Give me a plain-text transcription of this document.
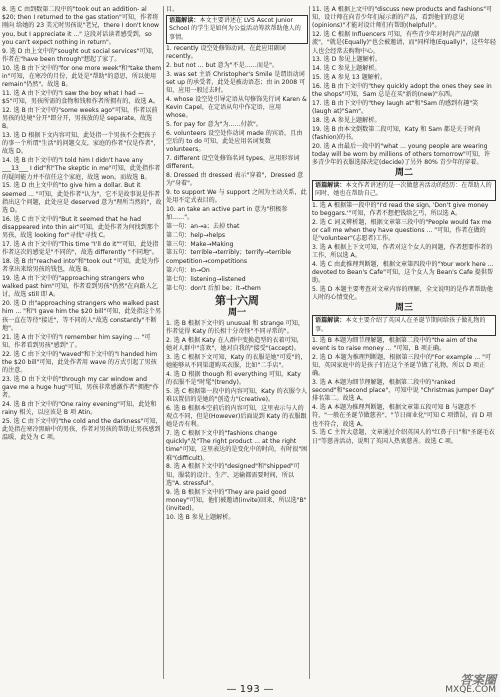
8. 选 C 由到数第二段中的"took out an addition- al $20; then I returned to the gas station"可知，作者将刚向 给她的 23 美元时男孩说"老兄，there I don't know you, but I appreciate it ..." 这段对话读者感受到，so you can't expect nothing in return"。

9. 选 D 由上文中的"sought out social services"可知，作者在"have been through"想起了家了。

10. 选 B 由下文中的"for one more week"和"take them in"可知，在寒冷的月份，此处是"帮助"的意思，所以使用 remain"仍然"。故选 B。

11. 选 A 由下文中的"I saw the boy what I had — $5"可知，男孩所需的食物和钱和作者所拥有的，故选 A。

12. 选 B 由下文中的"some weeks ago"可知，作者以前男孩的处境"分开"即分开，男孩放的是 separate，故选 B。

13. 选 D 根据下文内容可知，此处指一个男孩不会把孩子的事一个所谓"生活"的问题交友，家庭的作者"仅是作者"，故选 D。

14. 选 B 由下文中的"I told him I didn't have any ___13___ I did"和"The skeptic in me"可知，此处指作者的疑问能力并不信任这个家庭，故选 won。而故选 B。

15. 选 D 由上文中的"to give him a dollar. But it seemed ... "可知，此处作者"认为"，它不是故事说是作者指出这个问题，此处应是 deserved 意为"理所当然的"，故选 D。

16. 选 C 由下文中的"But it seemed that he had disappeared into thin air"可知，此处作者为何找到那个男孩，故选 looking for"寻找"寻找 C。

17. 选 A 由下文中的"This time "I'll do it""可知，此处指作者这次的感觉是"不同的"，故选 differently "不同地"。

18. 选 B 由"reached into"和"took out "可知，此处为作者拿出来给男孩的钱包，故选 B。

19. 选 A 由下文中的"approaching strangers who walked past him"可知，作者看到男孩"仍然"在向路人乞讨，故选 still 即 A。

20. 选 D 由"approaching strangers who walked past him ... "和"I gave him the $20 bill"可知，此处指这个男孩一直在等待"接近"，等不同的人"故选 constantly"不断地"。

21. 选 A 由下文中的"I remember him saying ... "可知，作者看到男孩"感到"了。

22. 选 C 由下文中的"waved"和下文中的"I handed him the $20 bill"可知，此处作者用 wave 的方式引起了男孩的注意。

23. 选 D 由下文中的"through my car window and gave me a huge hug"可知，男孩非常感激作者"拥抱"作者。

24. 选 B 由下文中的"One rainy evening"可知，此处和 rainy 相关，以应该是 B 项 Atin。

25. 选 C 由下文中的"the cold and the darkness"可知，此处指在寒冷黑暗中的男孩，作者对男孩的帮助让男孩感到温暖，此处为 C 项。

目。

语篇解读：本文主要讲述在 LVS Ascot Junior School 的学生是如何为公益活动筹款帮助他人的事情。

1. recently 设空处修饰动词，在此应用副词 recently。

2. but not ... but 意为"不是……而是"。

3. was set 主语 Christopher's Smile 是谓语动词 set up 的承受者，此处是被动语态；由 in 2008 可知，应用一般过去时。

4. whose 设空处引导定语从句修饰先行词 Karen & Kevin Capel，在定语从句中作定语，应用 whose。

5. for pay for 意为"为……付款"。

6. volunteers 设空处作动词 made 的宾语，且由空后的 to do 可知，此处应用名词复数 volunteers。

7. different 设空处修饰名词 types，应用形容词 different。

8. Dressed 由 dressed 表示"穿着"，Dressed 意为"身着"。

9. to support We 与 support 之间为主动关系，此处用不定式表目的。

10. an take an active part in 意为"积极参加……"。

第一句：an→a；去掉 that

第二句：help→helps

第三句：Make→Making

第五句：terrible→terribly；terrify→terrible

competition→competitions

第六句：In→On

第七句：listening→listened

第七句：don't 后加 be；it→them

第十六周
周一

1. 选 B 根据下文中的 unusual 和 strange 可知，作者觉得 Katy 的长相十分奇怪"不同寻常的"。

2. 选 A 根据 Katy 在人群中变换造型的衣着可知，她对人群中"喜欢"，她对自我的"接受"(accept)。

3. 选 C 根据下文可知，Katy 的衣服是她"可爱"的，她能够从不同渠道购买衣服，比如"二手店"。

4. 选 D 根据 though 和 everything 可知，Katy 的衣服不是"时髦"(trendy)。

5. 选 C 根据第一段中的内容可知，Katy 的衣服令人难以置信的是她的"创造力"(creative)。

6. 选 B 根据本空前后的内容可知，这里表示与人的观点不同，但是(However)后面说到 Katy 的衣服跟她是否有利。

7. 选 C 根据下文中的"fashions change quickly"及"The right product ... at the right time"可知，这里表达的是变化中的时尚，有时很"困难"(difficult)。

8. 选 A 根据下文中的"designed"和"shipped"可知，服装的设计、生产、运输都需要时间，所以选"A. stressful"。

9. 选 B 根据下文中的"They are paid good money"可知，他们被邀请(invite)回来，所以选"B"(invited)。

10. 选 B 参见上题解析。

11. 选 A 根据上文中的"discuss new products and fashions"可知，设计师在向青少年们展示新的产品，看到他们的意见(opinions)"才能对设计师们有帮助(helpful)"。

12. 选 C 根据 Influencers 可知，有些青少年对时尚产品的潮流"，"就是(Equally)"也会被邀请，而"同样地(Equally)"，这些年轻人也会经常去购物中心。

13. 选 D 参见上题解析。

14. 选 C 参见上题解析。

15. 选 A 参见 13 题解析。

16. 选 B 由下文中的"they quickly adopt the ones they see in the shops"可知，Sam 总是在买"新的(new)"东西。

17. 选 B 由下文中的"they laugh at"和"Sam 的感到有趣"笑(laugh at)"Sam"。

18. 选 A 参见上题解析。

19. 选 B 由本文倒数第二段可知，Katy 和 Sam 都是关于时尚(fashion)的书。

20. 选 A 由最后一段中的"what ... young people are wearing today will be worn by millions of others tomorrow"可知，许多青少年的衣服选择决定(decide)了另外 80% 青少年的穿着。

周二
语篇解读：本文作者讲述的是一次做慈善活动的经历：在帮助人的同时，她也在帮助自己。

1. 选 A 根据第一段中的"I'd read the sign, 'Don't give money to beggars.'"可知，作者不想把钱给乞丐，所以选 A。

2. 选 C 词义辨析题，根据文章第三段中的"People would fax me or call me when they have questions ... "可知，作者在做的是"volunteer"(志愿者)工作。

3. 选 A 根据上下文可知，作者对这个女人的问题，作者想要作者的工作，所以选 A。

4. 选 C 由此推理判断题，根据文章第四段中的"Your work here ... devoted to Bean's Cafe"可知，这个女人为 Bean's Cafe 提供帮助。

5. 选 D 本题主要考查对文章内容的理解，全文说明的是作者帮助他人时的心情变化。

周三
语篇解读：本文主要介绍了英国人在圣诞节期间给孩子做礼物的事。

1. 选 B 本题为细节理解题，根据第二段中的"the aim of the event is to raise money ... "可知，B 项正确。

2. 选 D 本题为推理判断题，根据第三段中的"For example ... "可知，英国家庭中的是孩子们在这个圣诞节做了礼物，所以 D 项正确。

3. 选 A 本题为细节理解题，根据第二段中的"ranked second"和"second place"，可知中说 "Christmas Jumper Day" 排名第二。故选 A。

4. 选 A 本题为推理判断题，根据文章第五段可知 B 与题意不符，"一般在圣诞节做慈善"、"节日商业化"可知 C 项错误，而 D 项也不符合，故选 A。

5. 选 C 主旨大意题，文章通过介绍英国人的"红鼻子日"和"圣诞毛衣日"等慈善活动，说明了英国人热衷慈善。故选 C 项。

— 193 —
答案圈
MXQE.COM
